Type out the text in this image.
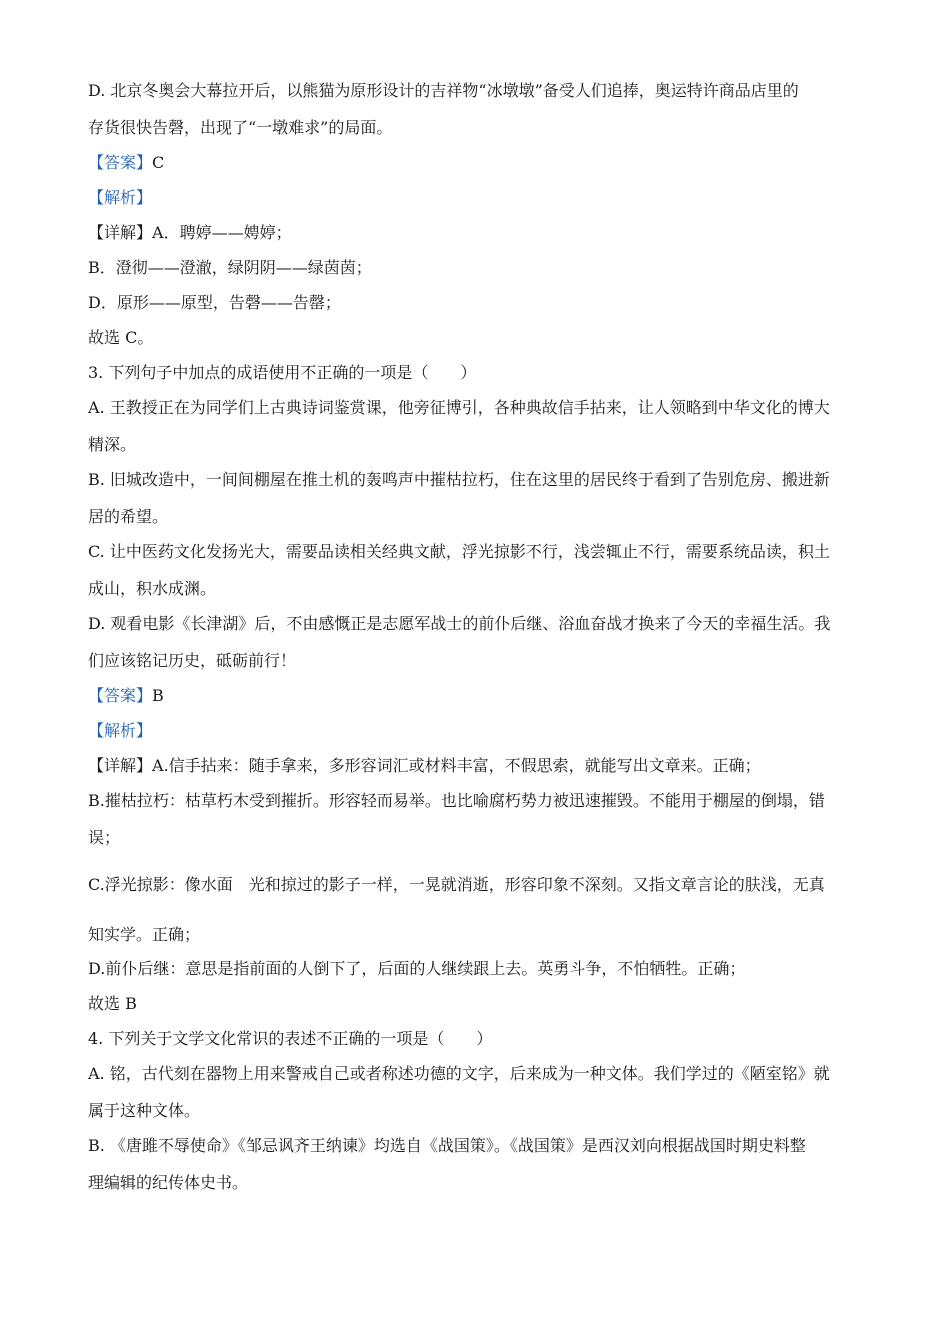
D. 北京冬奥会大幕拉开后，以熊猫为原形设计的吉祥物“冰墩墩”备受人们追捧，奥运特许商品店里的
存货很快告磬，出现了“一墩难求”的局面。
【答案】C
【解析】
【详解】A．聘婷——娉婷；
B．澄彻——澄澈，绿阴阴——绿茵茵；
D．原形——原型，告磬——告罄；
故选 C。
3. 下列句子中加点的成语使用不正确的一项是（　　）
A. 王教授正在为同学们上古典诗词鉴赏课，他旁征博引，各种典故信手拈来，让人领略到中华文化的博大
精深。
B. 旧城改造中，一间间棚屋在推土机的轰鸣声中摧枯拉朽，住在这里的居民终于看到了告别危房、搬进新
居的希望。
C. 让中医药文化发扬光大，需要品读相关经典文献，浮光掠影不行，浅尝辄止不行，需要系统品读，积土
成山，积水成渊。
D. 观看电影《长津湖》后，不由感慨正是志愿军战士的前仆后继、浴血奋战才换来了今天的幸福生活。我
们应该铭记历史，砥砺前行！
【答案】B
【解析】
【详解】A.信手拈来：随手拿来，多形容词汇或材料丰富，不假思索，就能写出文章来。正确；
B.摧枯拉朽：枯草朽木受到摧折。形容轻而易举。也比喻腐朽势力被迅速摧毁。不能用于棚屋的倒塌，错
误；
C.浮光掠影：像水面　光和掠过的影子一样，一晃就消逝，形容印象不深刻。又指文章言论的肤浅，无真
知实学。正确；
D.前仆后继：意思是指前面的人倒下了，后面的人继续跟上去。英勇斗争，不怕牺牲。正确；
故选 B
4. 下列关于文学文化常识的表述不正确的一项是（　　）
A. 铭，古代刻在器物上用来警戒自己或者称述功德的文字，后来成为一种文体。我们学过的《陋室铭》就
属于这种文体。
B. 《唐雎不辱使命》《邹忌讽齐王纳谏》均选自《战国策》。《战国策》是西汉刘向根据战国时期史料整
理编辑的纪传体史书。
